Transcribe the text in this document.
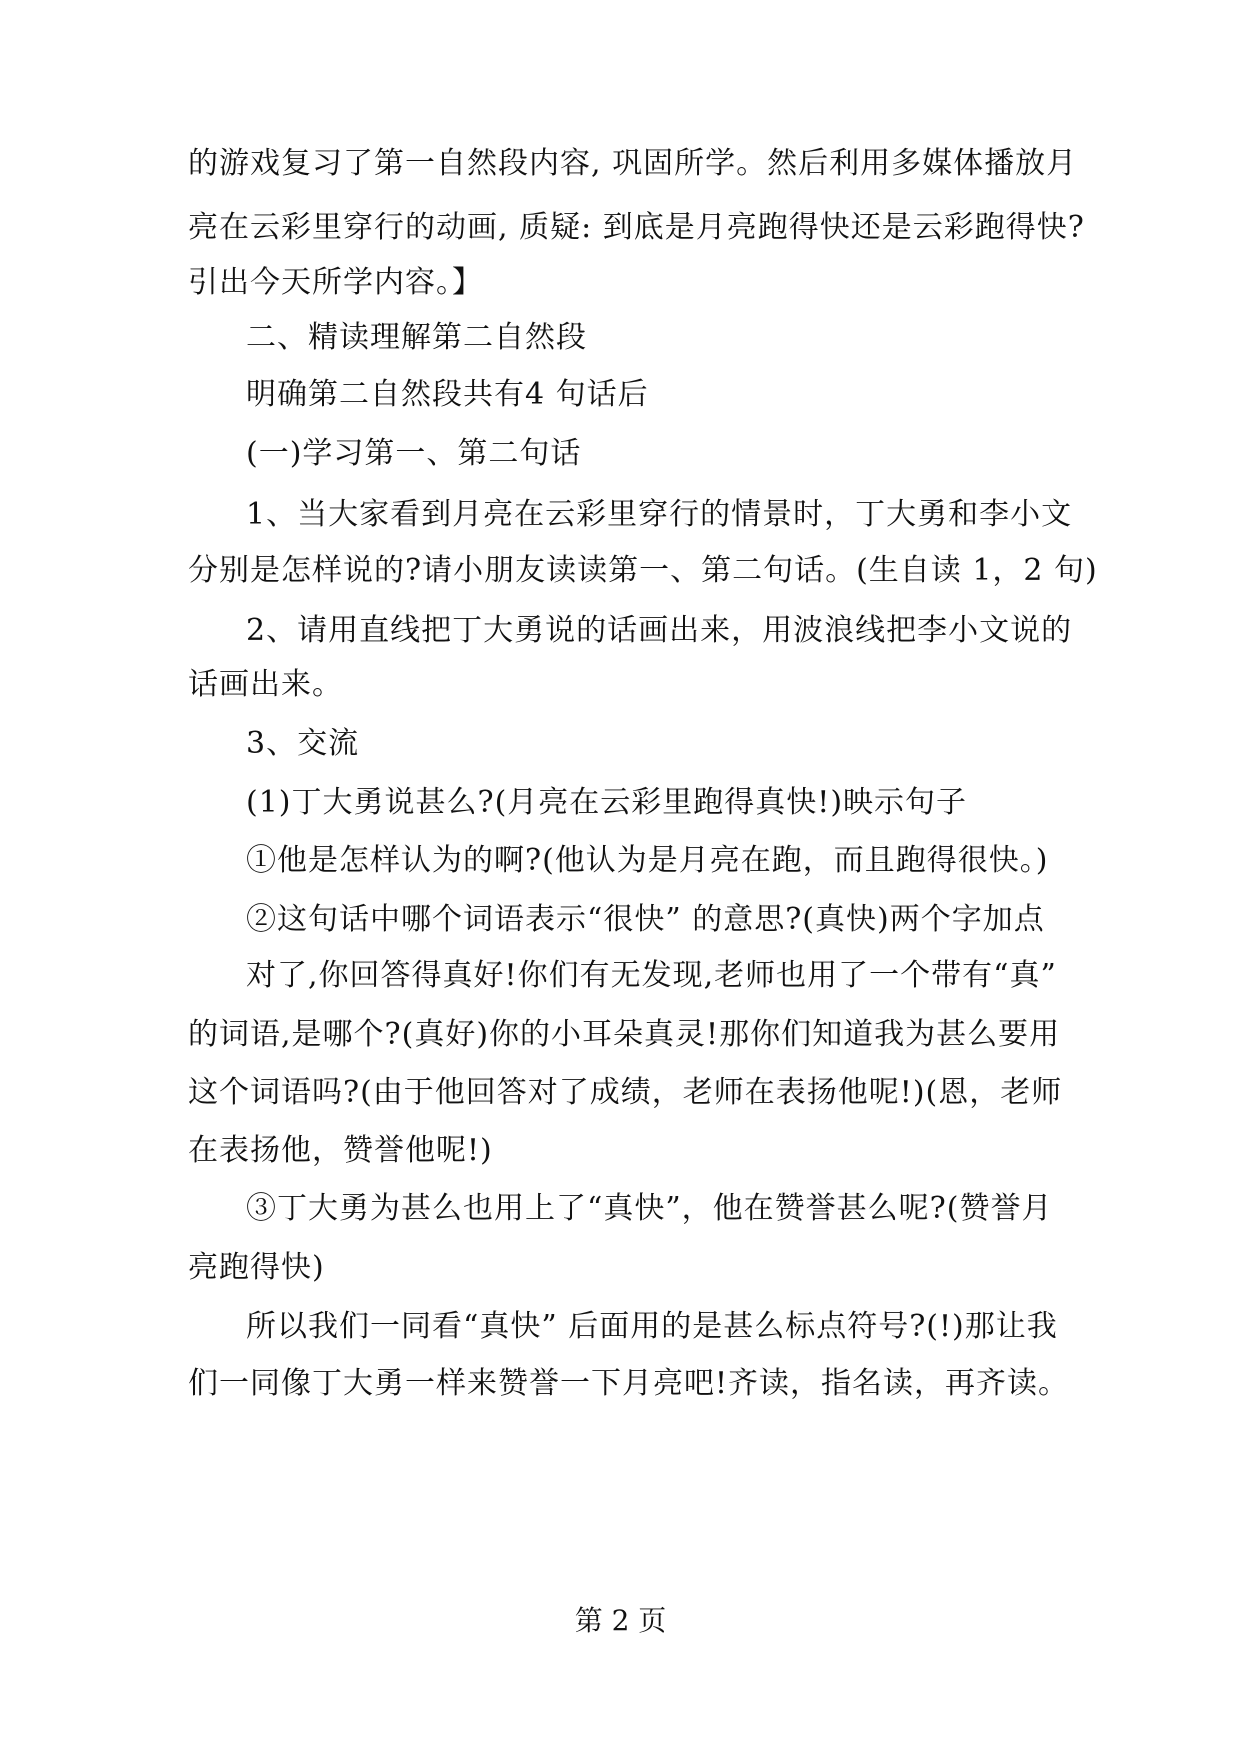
的游戏复习了第一自然段内容, 巩固所学。然后利用多媒体播放月
亮在云彩里穿行的动画, 质疑: 到底是月亮跑得快还是云彩跑得快?
引出今天所学内容。】
二、精读理解第二自然段
明确第二自然段共有4 句话后
(一)学习第一、第二句话
1、当大家看到月亮在云彩里穿行的情景时，丁大勇和李小文
分别是怎样说的?请小朋友读读第一、第二句话。(生自读 1，2 句)
2、请用直线把丁大勇说的话画出来，用波浪线把李小文说的
话画出来。
3、交流
(1)丁大勇说甚么?(月亮在云彩里跑得真快!)映示句子
①他是怎样认为的啊?(他认为是月亮在跑，而且跑得很快。)
②这句话中哪个词语表示“很快” 的意思?(真快)两个字加点
对了,你回答得真好!你们有无发现,老师也用了一个带有“真”
的词语,是哪个?(真好)你的小耳朵真灵!那你们知道我为甚么要用
这个词语吗?(由于他回答对了成绩，老师在表扬他呢!)(恩，老师
在表扬他，赞誉他呢!)
③丁大勇为甚么也用上了“真快”，他在赞誉甚么呢?(赞誉月
亮跑得快)
所以我们一同看“真快” 后面用的是甚么标点符号?(!)那让我
们一同像丁大勇一样来赞誉一下月亮吧!齐读，指名读，再齐读。
第 2 页
